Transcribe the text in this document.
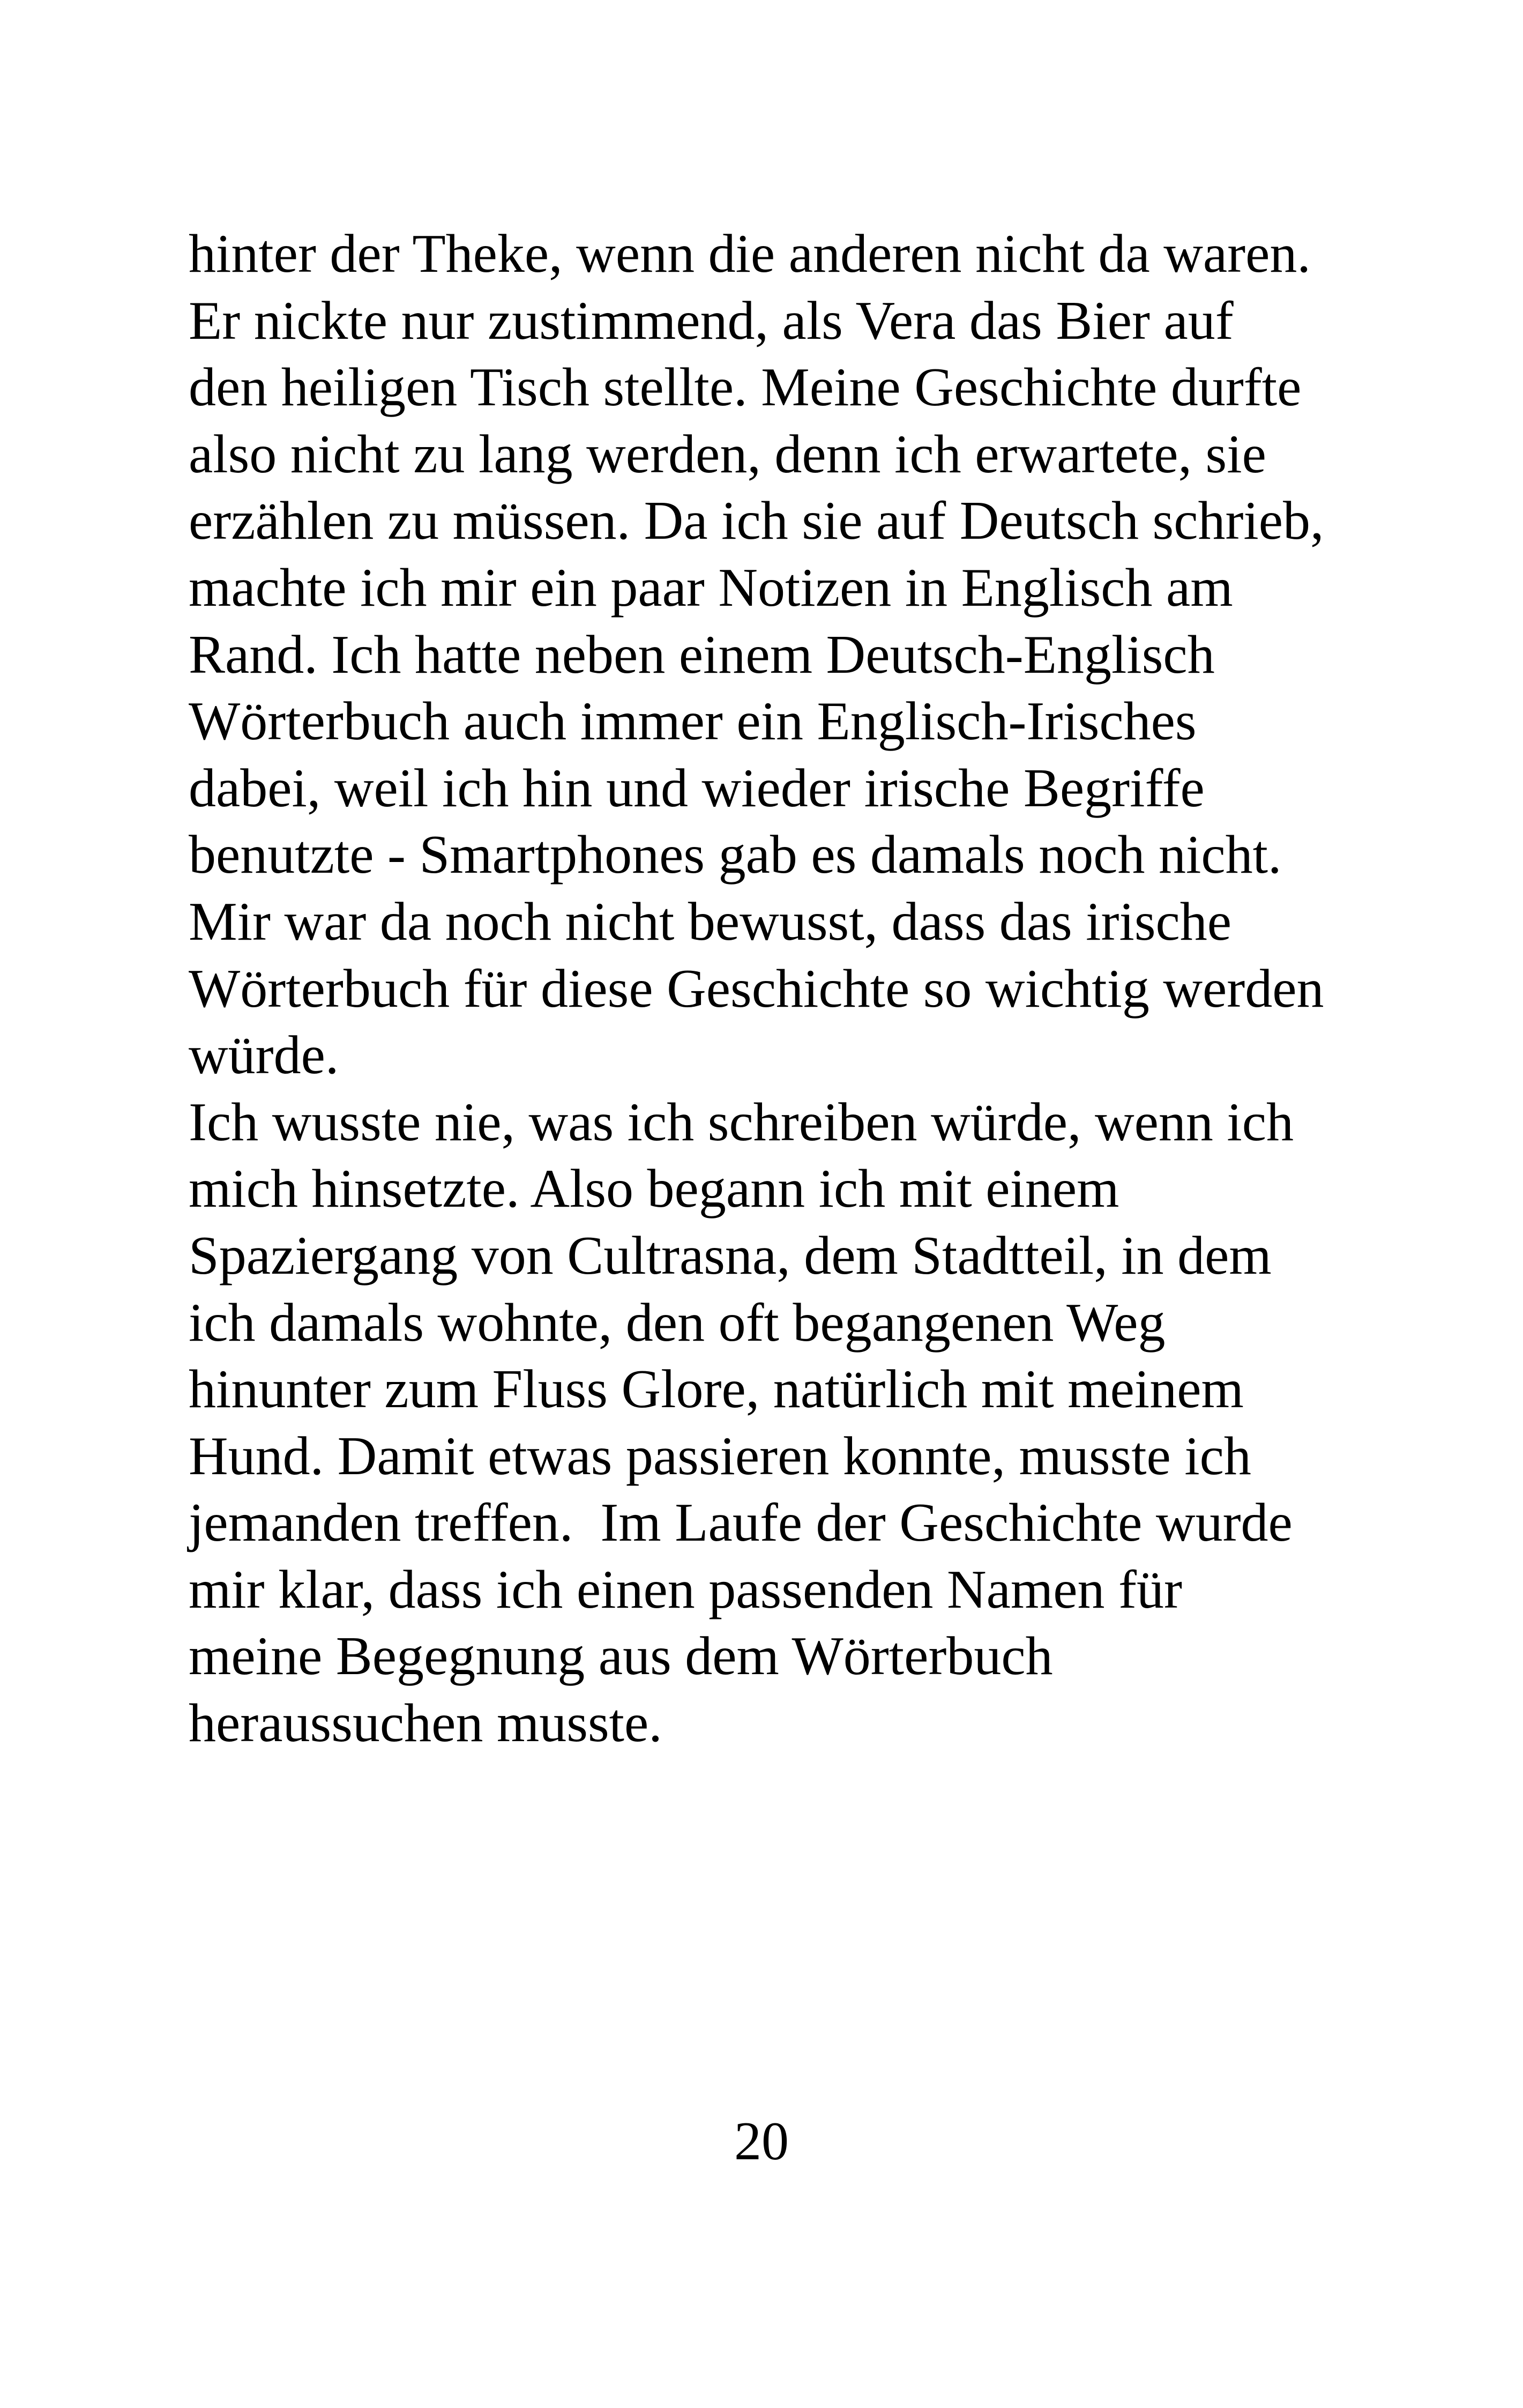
hinter der Theke, wenn die anderen nicht da waren.
Er nickte nur zustimmend, als Vera das Bier auf
den heiligen Tisch stellte. Meine Geschichte durfte
also nicht zu lang werden, denn ich erwartete, sie
erzählen zu müssen. Da ich sie auf Deutsch schrieb,
machte ich mir ein paar Notizen in Englisch am
Rand. Ich hatte neben einem Deutsch-Englisch
Wörterbuch auch immer ein Englisch-Irisches
dabei, weil ich hin und wieder irische Begriffe
benutzte - Smartphones gab es damals noch nicht.
Mir war da noch nicht bewusst, dass das irische
Wörterbuch für diese Geschichte so wichtig werden
würde.
Ich wusste nie, was ich schreiben würde, wenn ich
mich hinsetzte. Also begann ich mit einem
Spaziergang von Cultrasna, dem Stadtteil, in dem
ich damals wohnte, den oft begangenen Weg
hinunter zum Fluss Glore, natürlich mit meinem
Hund. Damit etwas passieren konnte, musste ich
jemanden treffen.  Im Laufe der Geschichte wurde
mir klar, dass ich einen passenden Namen für
meine Begegnung aus dem Wörterbuch
heraussuchen musste.
20
